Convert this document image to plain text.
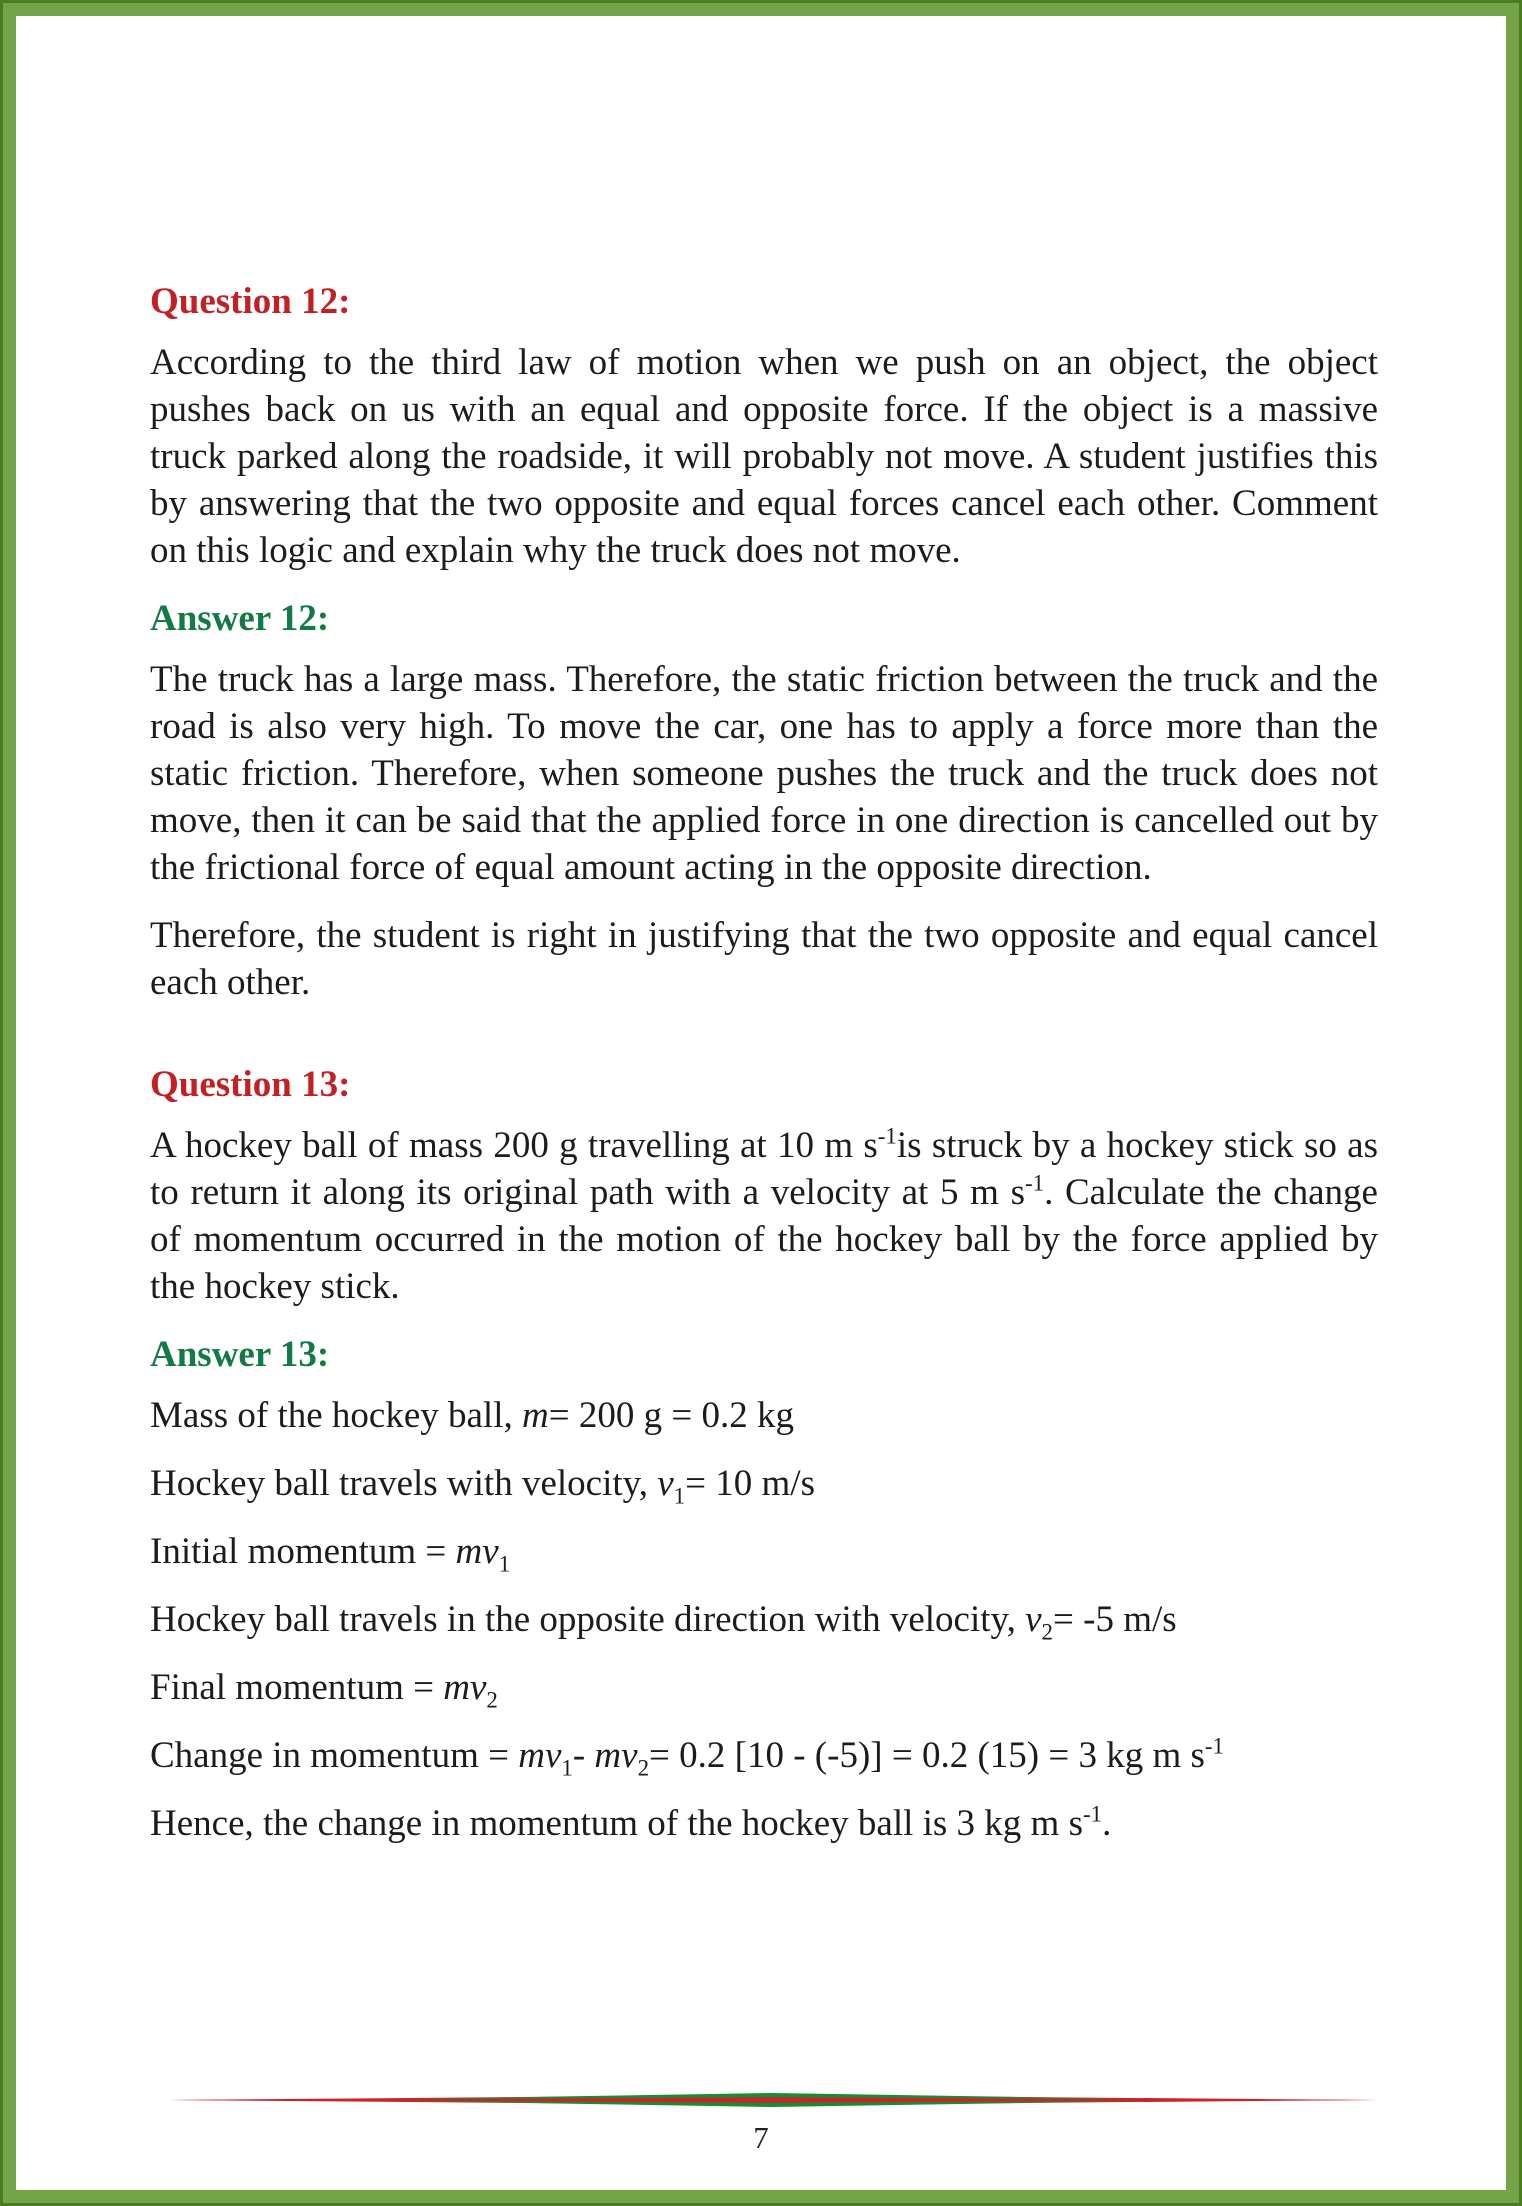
Question 12:

According to the third law of motion when we push on an object, the object pushes back on us with an equal and opposite force. If the object is a massive truck parked along the roadside, it will probably not move. A student justifies this by answering that the two opposite and equal forces cancel each other. Comment on this logic and explain why the truck does not move.

Answer 12:

The truck has a large mass. Therefore, the static friction between the truck and the road is also very high. To move the car, one has to apply a force more than the static friction. Therefore, when someone pushes the truck and the truck does not move, then it can be said that the applied force in one direction is cancelled out by the frictional force of equal amount acting in the opposite direction.

Therefore, the student is right in justifying that the two opposite and equal cancel each other.

Question 13:

A hockey ball of mass 200 g travelling at 10 m $s^{-1}is$ struck by a hockey stick so as to return it along its original path with a velocity at 5 m $s^{-1}$. Calculate the change of momentum occurred in the motion of the hockey ball by the force applied by the hockey stick.

Answer 13:

Mass of the hockey ball, m= 200 g = 0.2 kg

Hockey ball travels with velocity, $v_1= 10$ m/s

Initial momentum = $mv_1$

Hockey ball travels in the opposite direction with velocity, $v_2= -5$ m/s

Final momentum = $mv_2$

Change in momentum = $mv_1-$ $mv_2= 0.2$ [10 - (-5)] = 0.2 (15) = 3 kg m $s^{-1}$

Hence, the change in momentum of the hockey ball is 3 kg m $s^{-1}$.

7
